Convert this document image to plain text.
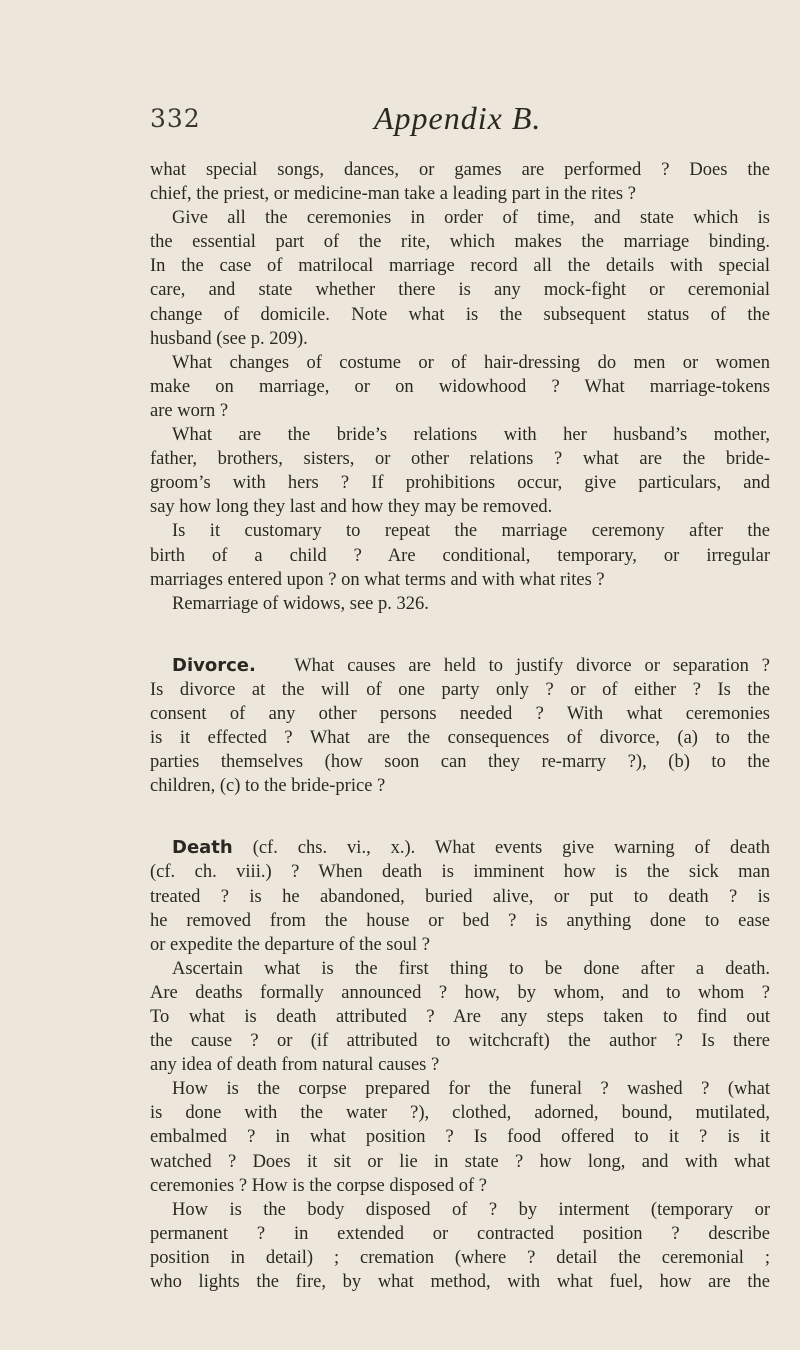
332	Appendix B.
what special songs, dances, or games are performed ? Does the
chief, the priest, or medicine-man take a leading part in the rites ?
Give all the ceremonies in order of time, and state which is
the essential part of the rite, which makes the marriage binding.
In the case of matrilocal marriage record all the details with special
care, and state whether there is any mock-fight or ceremonial
change of domicile. Note what is the subsequent status of the
husband (see p. 209).
What changes of costume or of hair-dressing do men or women
make on marriage, or on widowhood ? What marriage-tokens
are worn ?
What are the bride’s relations with her husband’s mother,
father, brothers, sisters, or other relations ? what are the bride-
groom’s with hers ? If prohibitions occur, give particulars, and
say how long they last and how they may be removed.
Is it customary to repeat the marriage ceremony after the
birth of a child ? Are conditional, temporary, or irregular
marriages entered upon ? on what terms and with what rites ?
Remarriage of widows, see p. 326.
Divorce. What causes are held to justify divorce or separation ?
Is divorce at the will of one party only ? or of either ? Is the
consent of any other persons needed ? With what ceremonies
is it effected ? What are the consequences of divorce, (a) to the
parties themselves (how soon can they re-marry ?), (b) to the
children, (c) to the bride-price ?
Death (cf. chs. vi., x.). What events give warning of death
(cf. ch. viii.) ? When death is imminent how is the sick man
treated ? is he abandoned, buried alive, or put to death ? is
he removed from the house or bed ? is anything done to ease
or expedite the departure of the soul ?
Ascertain what is the first thing to be done after a death.
Are deaths formally announced ? how, by whom, and to whom ?
To what is death attributed ? Are any steps taken to find out
the cause ? or (if attributed to witchcraft) the author ? Is there
any idea of death from natural causes ?
How is the corpse prepared for the funeral ? washed ? (what
is done with the water ?), clothed, adorned, bound, mutilated,
embalmed ? in what position ? Is food offered to it ? is it
watched ? Does it sit or lie in state ? how long, and with what
ceremonies ? How is the corpse disposed of ?
How is the body disposed of ? by interment (temporary or
permanent ? in extended or contracted position ? describe
position in detail) ; cremation (where ? detail the ceremonial ;
who lights the fire, by what method, with what fuel, how are the
